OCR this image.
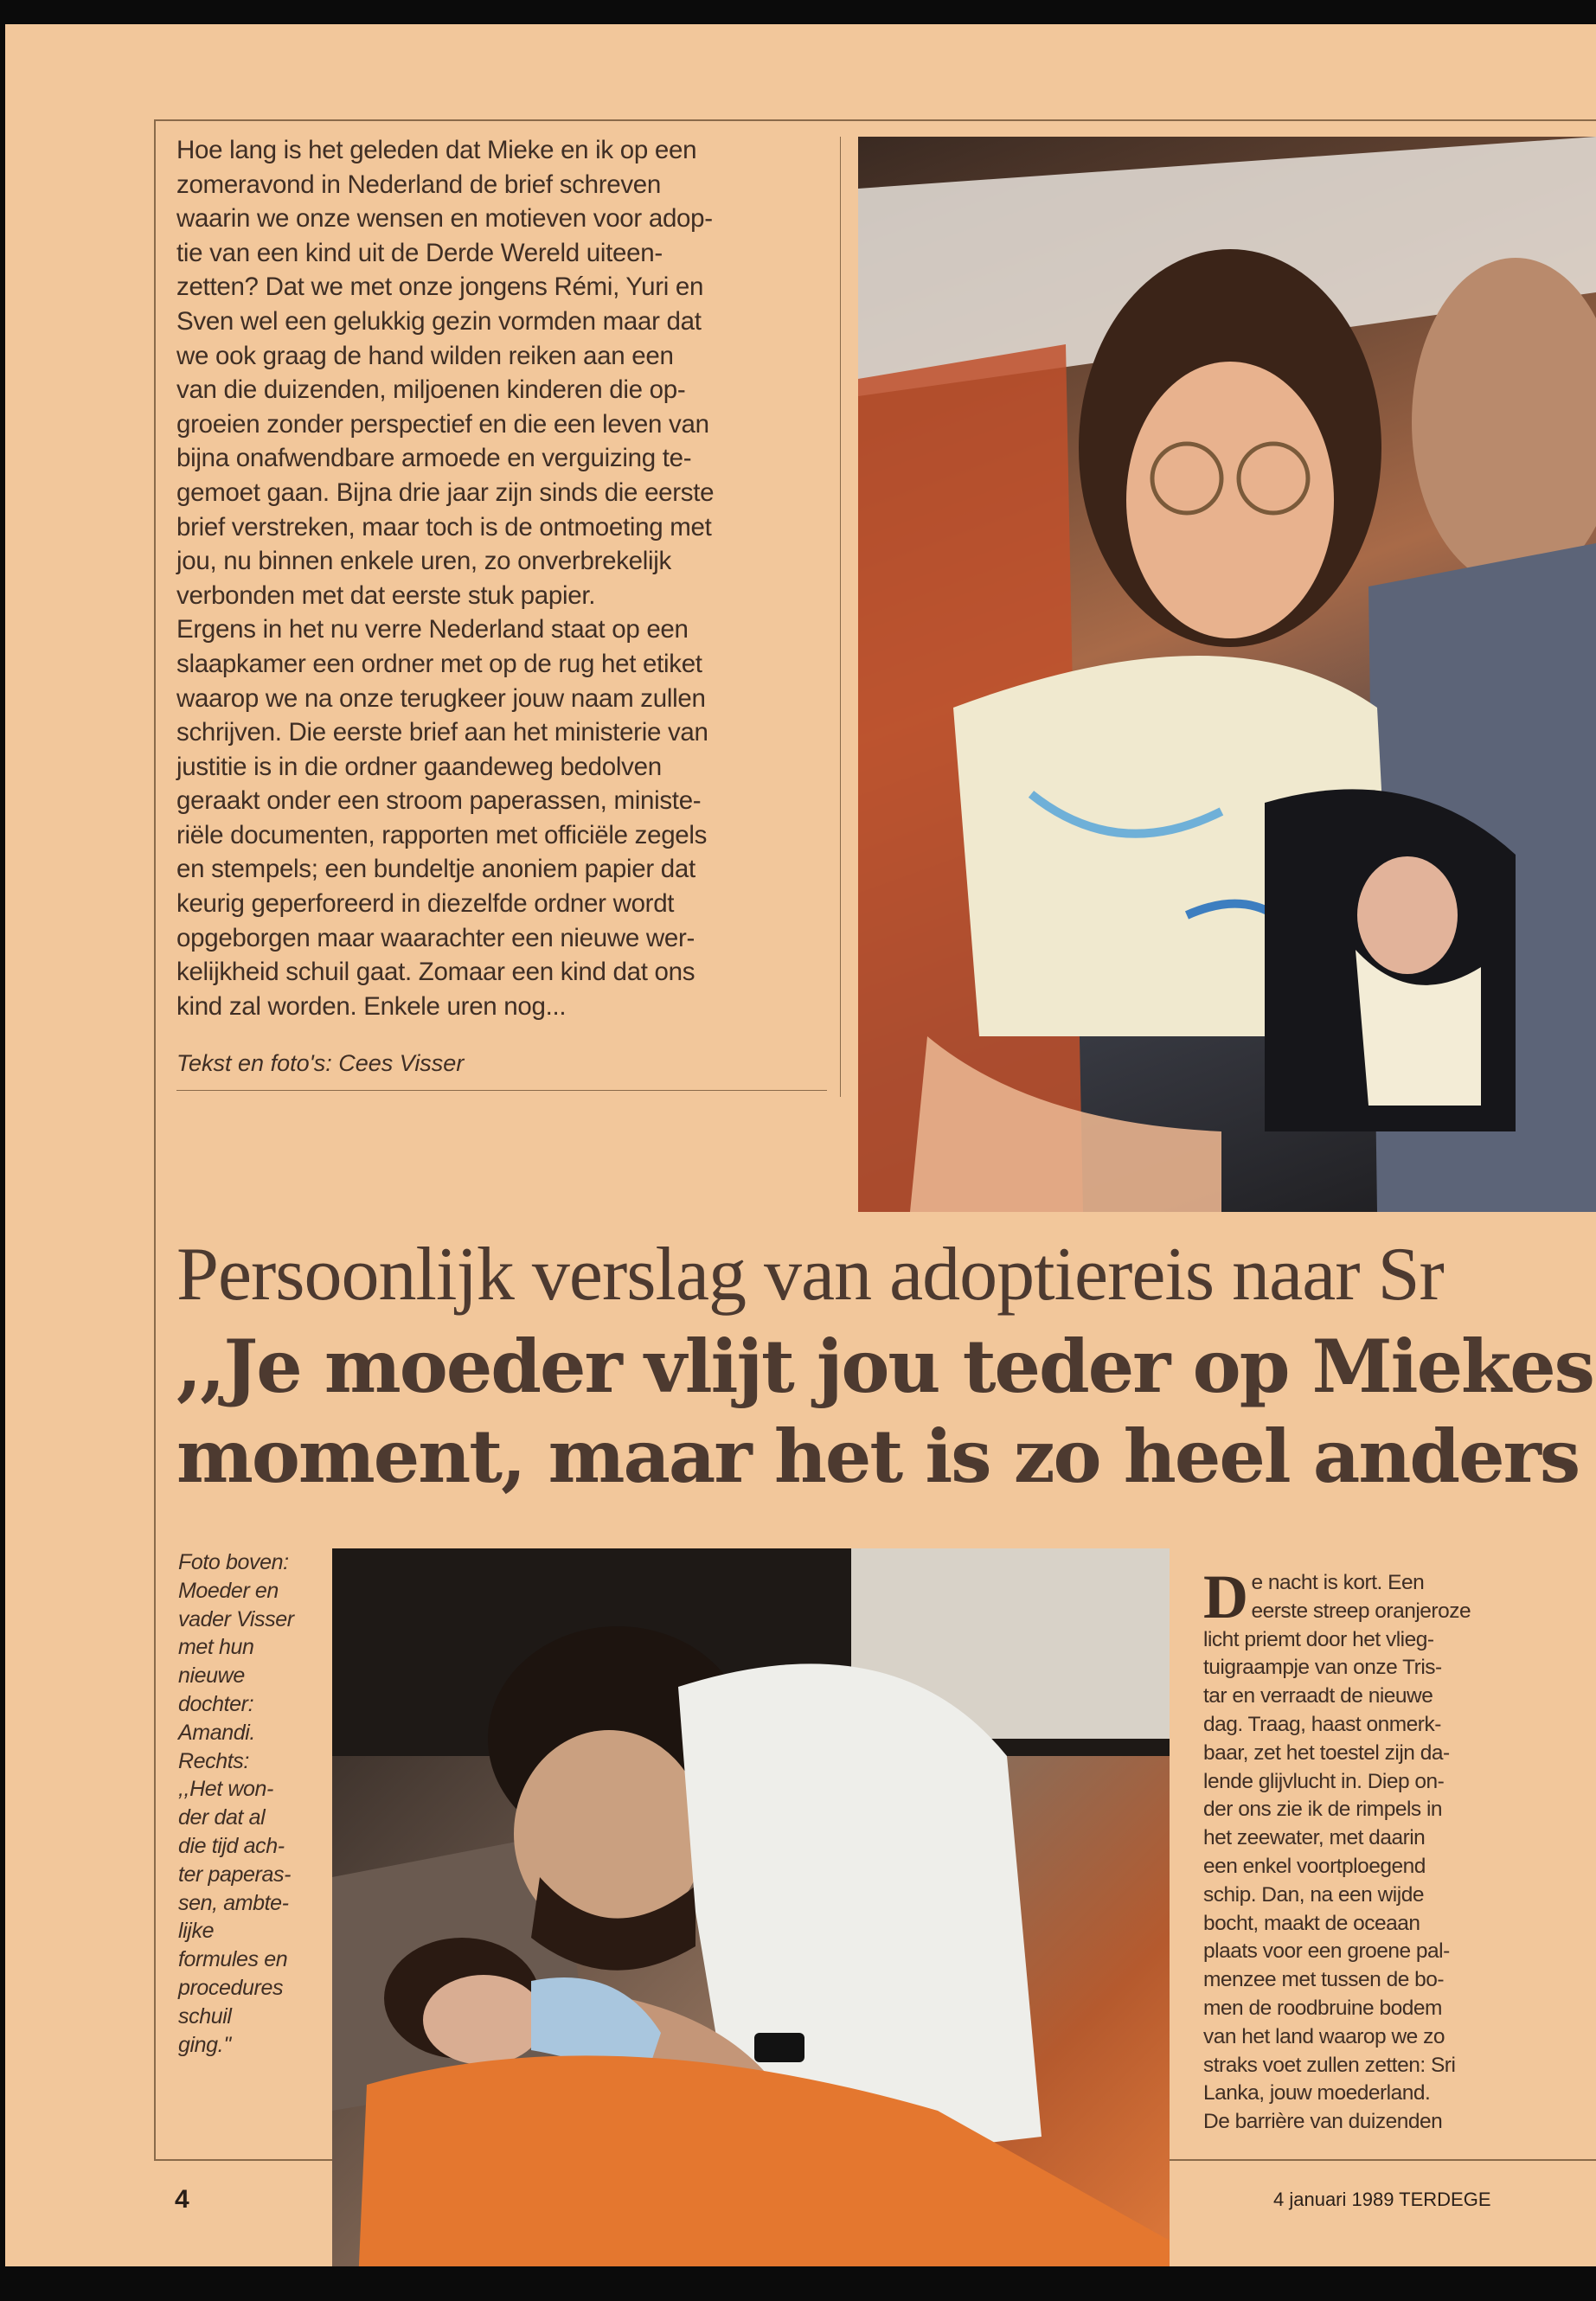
Hoe lang is het geleden dat Mieke en ik op een

zomeravond in Nederland de brief schreven

waarin we onze wensen en motieven voor adop-

tie van een kind uit de Derde Wereld uiteen-

zetten? Dat we met onze jongens Rémi, Yuri en

Sven wel een gelukkig gezin vormden maar dat

we ook graag de hand wilden reiken aan een

van die duizenden, miljoenen kinderen die op-

groeien zonder perspectief en die een leven van

bijna onafwendbare armoede en verguizing te-

gemoet gaan. Bijna drie jaar zijn sinds die eerste

brief verstreken, maar toch is de ontmoeting met

jou, nu binnen enkele uren, zo onverbrekelijk

verbonden met dat eerste stuk papier.

Ergens in het nu verre Nederland staat op een

slaapkamer een ordner met op de rug het etiket

waarop we na onze terugkeer jouw naam zullen

schrijven. Die eerste brief aan het ministerie van

justitie is in die ordner gaandeweg bedolven

geraakt onder een stroom paperassen, ministe-

riële documenten, rapporten met officiële zegels

en stempels; een bundeltje anoniem papier dat

keurig geperforeerd in diezelfde ordner wordt

opgeborgen maar waarachter een nieuwe wer-

kelijkheid schuil gaat. Zomaar een kind dat ons

kind zal worden. Enkele uren nog...

Tekst en foto's: Cees Visser
Persoonlijk verslag van adoptiereis naar Sr
,,Je moeder vlijt jou teder op Miekes
moment, maar het is zo heel anders
Foto boven:
Moeder en
vader Visser
met hun
nieuwe
dochter:
Amandi.
Rechts:
,,Het won-
der dat al
die tijd ach-
ter paperas-
sen, ambte-
lijke
formules en
procedures
schuil
ging.''
De nacht is kort. Een
eerste streep oranjeroze
licht priemt door het vlieg-
tuigraampje van onze Tris-
tar en verraadt de nieuwe
dag. Traag, haast onmerk-
baar, zet het toestel zijn da-
lende glijvlucht in. Diep on-
der ons zie ik de rimpels in
het zeewater, met daarin
een enkel voortploegend
schip. Dan, na een wijde
bocht, maakt de oceaan
plaats voor een groene pal-
menzee met tussen de bo-
men de roodbruine bodem
van het land waarop we zo
straks voet zullen zetten: Sri
Lanka, jouw moederland.
De barrière van duizenden
4	4 januari 1989 TERDEGE
